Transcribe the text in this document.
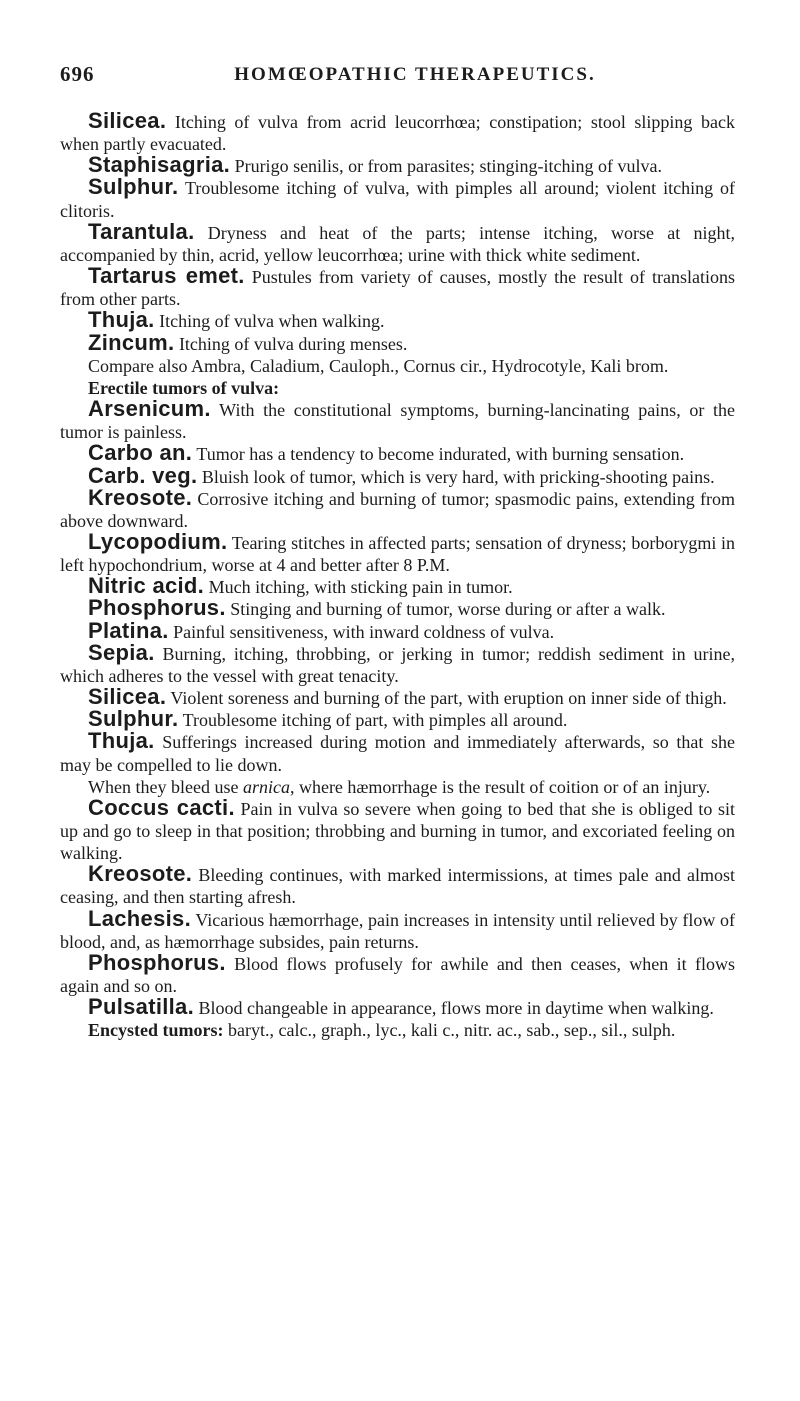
696	HOMŒOPATHIC THERAPEUTICS.

Silicea. Itching of vulva from acrid leucorrhœa; constipation; stool slipping back when partly evacuated.

Staphisagria. Prurigo senilis, or from parasites; stinging-itching of vulva.

Sulphur. Troublesome itching of vulva, with pimples all around; violent itching of clitoris.

Tarantula. Dryness and heat of the parts; intense itching, worse at night, accompanied by thin, acrid, yellow leucorrhœa; urine with thick white sediment.

Tartarus emet. Pustules from variety of causes, mostly the result of translations from other parts.

Thuja. Itching of vulva when walking.

Zincum. Itching of vulva during menses.

Compare also Ambra, Caladium, Cauloph., Cornus cir., Hydrocotyle, Kali brom.

Erectile tumors of vulva:

Arsenicum. With the constitutional symptoms, burning-lancinating pains, or the tumor is painless.

Carbo an. Tumor has a tendency to become indurated, with burning sensation.

Carb. veg. Bluish look of tumor, which is very hard, with pricking-shooting pains.

Kreosote. Corrosive itching and burning of tumor; spasmodic pains, extending from above downward.

Lycopodium. Tearing stitches in affected parts; sensation of dryness; borborygmi in left hypochondrium, worse at 4 and better after 8 P.M.

Nitric acid. Much itching, with sticking pain in tumor.

Phosphorus. Stinging and burning of tumor, worse during or after a walk.

Platina. Painful sensitiveness, with inward coldness of vulva.

Sepia. Burning, itching, throbbing, or jerking in tumor; reddish sediment in urine, which adheres to the vessel with great tenacity.

Silicea. Violent soreness and burning of the part, with eruption on inner side of thigh.

Sulphur. Troublesome itching of part, with pimples all around.

Thuja. Sufferings increased during motion and immediately afterwards, so that she may be compelled to lie down.

When they bleed use arnica, where hæmorrhage is the result of coition or of an injury.

Coccus cacti. Pain in vulva so severe when going to bed that she is obliged to sit up and go to sleep in that position; throbbing and burning in tumor, and excoriated feeling on walking.

Kreosote. Bleeding continues, with marked intermissions, at times pale and almost ceasing, and then starting afresh.

Lachesis. Vicarious hæmorrhage, pain increases in intensity until relieved by flow of blood, and, as hæmorrhage subsides, pain returns.

Phosphorus. Blood flows profusely for awhile and then ceases, when it flows again and so on.

Pulsatilla. Blood changeable in appearance, flows more in daytime when walking.

Encysted tumors: baryt., calc., graph., lyc., kali c., nitr. ac., sab., sep., sil., sulph.
